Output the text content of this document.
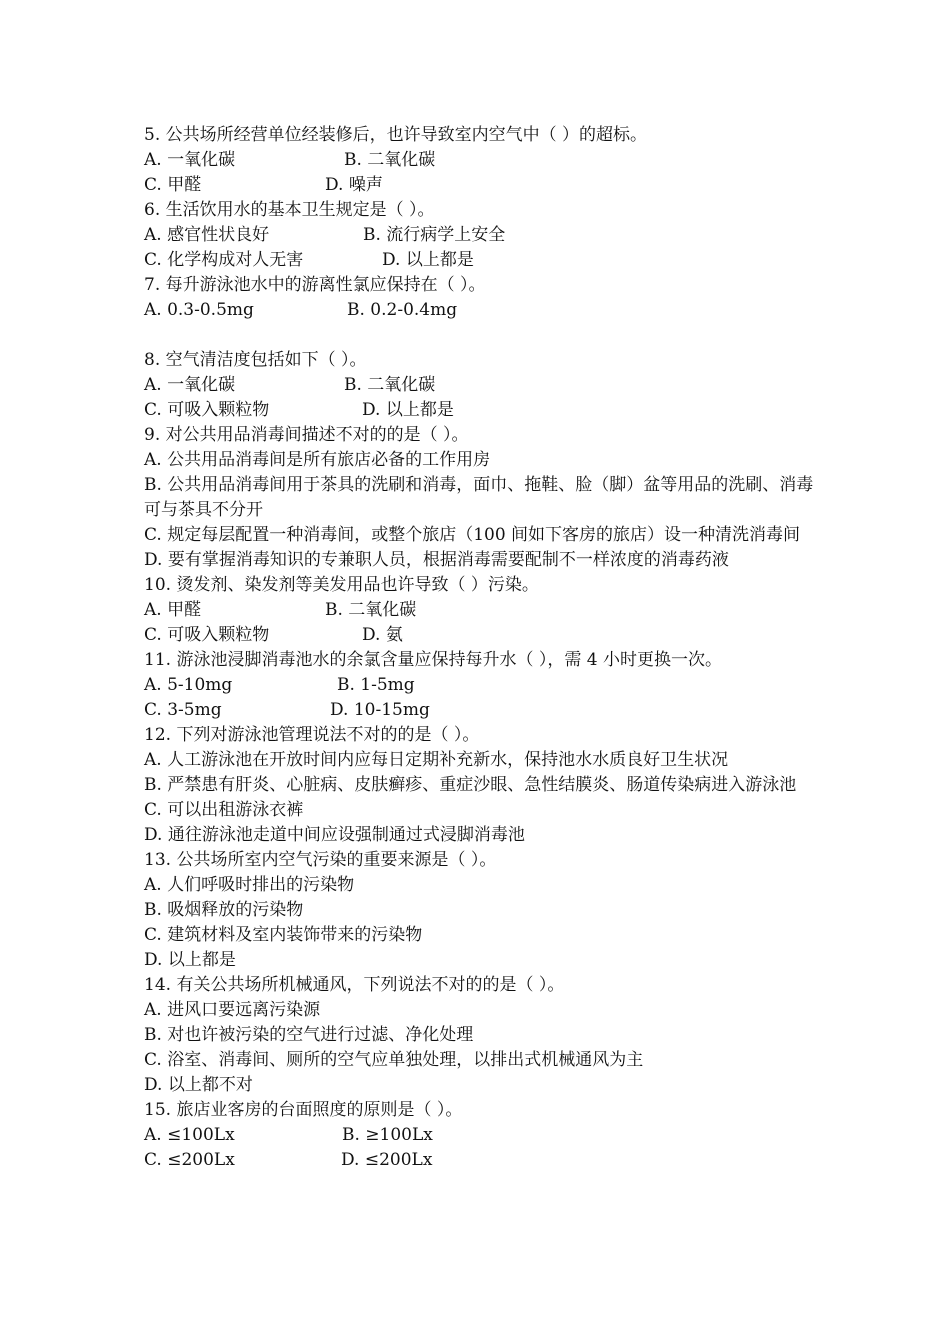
5. 公共场所经营单位经装修后，也许导致室内空气中（ ）的超标。
A. 一氧化碳	B. 二氧化碳
C. 甲醛	D. 噪声
6. 生活饮用水的基本卫生规定是（ ）。
A. 感官性状良好	B. 流行病学上安全
C. 化学构成对人无害	D. 以上都是
7. 每升游泳池水中的游离性氯应保持在（ ）。
A. 0.3-0.5mg	B. 0.2-0.4mg
8. 空气清洁度包括如下（ ）。
A. 一氧化碳	B. 二氧化碳
C. 可吸入颗粒物	D. 以上都是
9. 对公共用品消毒间描述不对的的是（ ）。
A. 公共用品消毒间是所有旅店必备的工作用房
B. 公共用品消毒间用于茶具的洗刷和消毒，面巾、拖鞋、脸（脚）盆等用品的洗刷、消毒可与茶具不分开
C. 规定每层配置一种消毒间，或整个旅店（100 间如下客房的旅店）设一种清洗消毒间
D. 要有掌握消毒知识的专兼职人员，根据消毒需要配制不一样浓度的消毒药液
10. 烫发剂、染发剂等美发用品也许导致（ ）污染。
A. 甲醛	B. 二氧化碳
C. 可吸入颗粒物	D. 氨
11. 游泳池浸脚消毒池水的余氯含量应保持每升水（ ），需 4 小时更换一次。
A. 5-10mg	B. 1-5mg
C. 3-5mg	D. 10-15mg
12. 下列对游泳池管理说法不对的的是（ ）。
A. 人工游泳池在开放时间内应每日定期补充新水，保持池水水质良好卫生状况
B. 严禁患有肝炎、心脏病、皮肤癣疹、重症沙眼、急性结膜炎、肠道传染病进入游泳池
C. 可以出租游泳衣裤
D. 通往游泳池走道中间应设强制通过式浸脚消毒池
13. 公共场所室内空气污染的重要来源是（ ）。
A. 人们呼吸时排出的污染物
B. 吸烟释放的污染物
C. 建筑材料及室内装饰带来的污染物
D. 以上都是
14. 有关公共场所机械通风，下列说法不对的的是（ ）。
A. 进风口要远离污染源
B. 对也许被污染的空气进行过滤、净化处理
C. 浴室、消毒间、厕所的空气应单独处理，以排出式机械通风为主
D. 以上都不对
15. 旅店业客房的台面照度的原则是（ ）。
A. ≤100Lx	B. ≥100Lx
C. ≤200Lx	D. ≤200Lx
